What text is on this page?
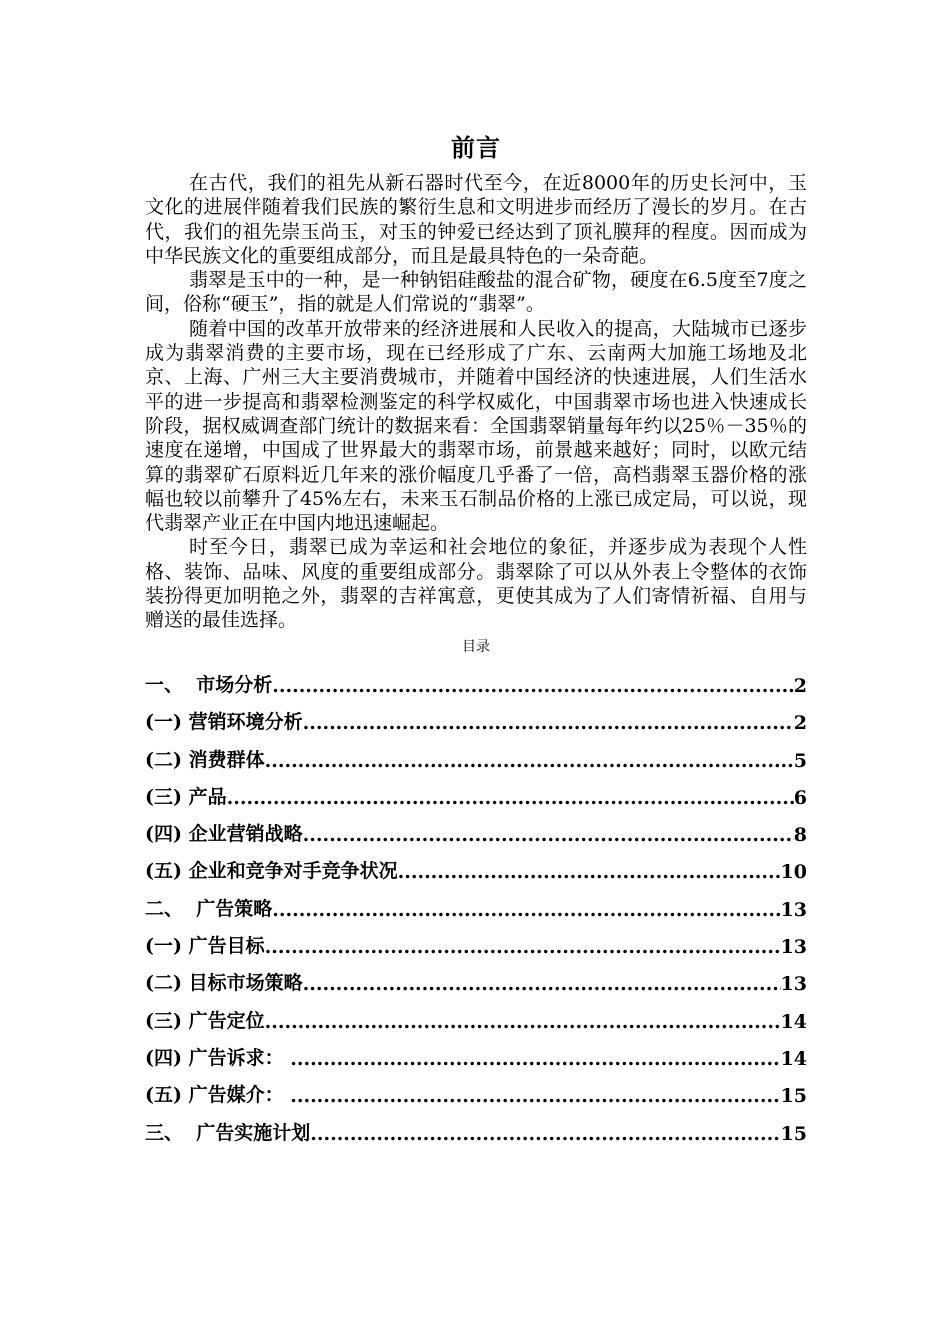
前言

在古代，我们的祖先从新石器时代至今，在近8000年的历史长河中，玉文化的进展伴随着我们民族的繁衍生息和文明进步而经历了漫长的岁月。在古代，我们的祖先崇玉尚玉，对玉的钟爱已经达到了顶礼膜拜的程度。因而成为中华民族文化的重要组成部分，而且是最具特色的一朵奇葩。

翡翠是玉中的一种，是一种钠铝硅酸盐的混合矿物，硬度在6.5度至7度之间，俗称“硬玉”，指的就是人们常说的“翡翠”。

随着中国的改革开放带来的经济进展和人民收入的提高，大陆城市已逐步成为翡翠消费的主要市场，现在已经形成了广东、云南两大加施工场地及北京、上海、广州三大主要消费城市，并随着中国经济的快速进展，人们生活水平的进一步提高和翡翠检测鉴定的科学权威化，中国翡翠市场也进入快速成长阶段，据权威调查部门统计的数据来看：全国翡翠销量每年约以25％－35％的速度在递增，中国成了世界最大的翡翠市场，前景越来越好；同时，以欧元结算的翡翠矿石原料近几年来的涨价幅度几乎番了一倍，高档翡翠玉器价格的涨幅也较以前攀升了45%左右，未来玉石制品价格的上涨已成定局，可以说，现代翡翠产业正在中国内地迅速崛起。

时至今日，翡翠已成为幸运和社会地位的象征，并逐步成为表现个人性格、装饰、品味、风度的重要组成部分。翡翠除了可以从外表上令整体的衣饰装扮得更加明艳之外，翡翠的吉祥寓意，更使其成为了人们寄情祈福、自用与赠送的最佳选择。

目录
一、  市场分析 .....	2
(一) 营销环境分析 .....	2
(二) 消费群体 .....	5
(三) 产品 .....	6
(四) 企业营销战略 .....	8
(五) 企业和竞争对手竞争状况 .....	10
二、  广告策略 .....	13
(一) 广告目标 .....	13
(二) 目标市场策略 .....	13
(三) 广告定位 .....	14
(四) 广告诉求： .....	14
(五) 广告媒介： .....	15
三、  广告实施计划 .....	15
